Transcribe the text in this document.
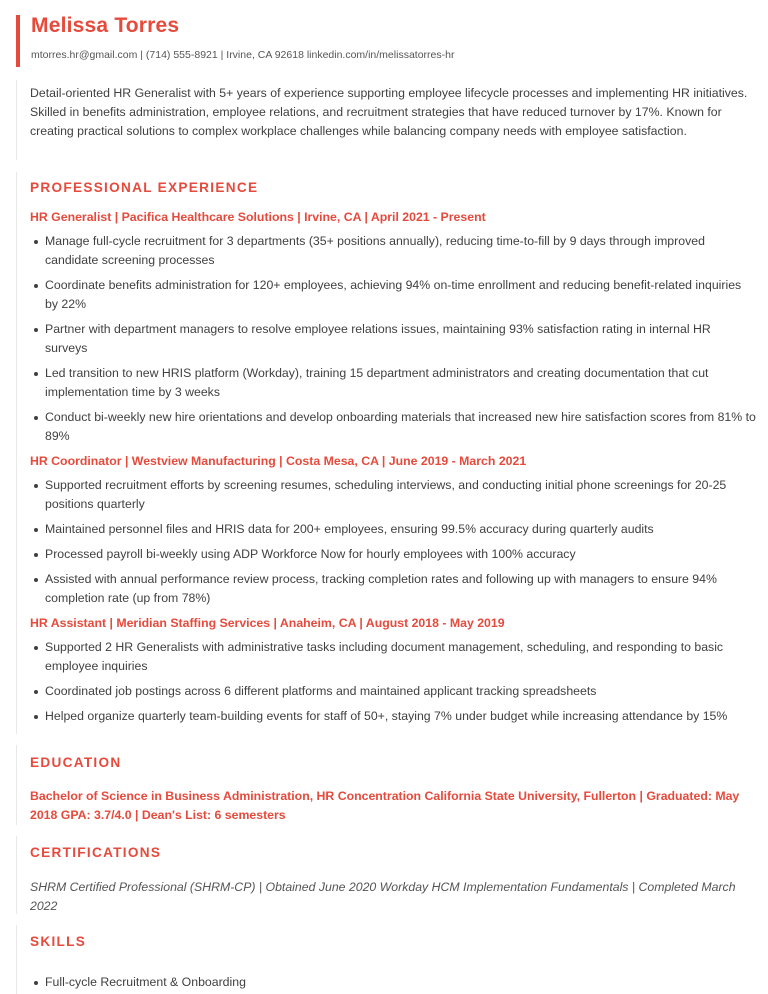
Melissa Torres
mtorres.hr@gmail.com | (714) 555-8921 | Irvine, CA 92618 linkedin.com/in/melissatorres-hr
Detail-oriented HR Generalist with 5+ years of experience supporting employee lifecycle processes and implementing HR initiatives. Skilled in benefits administration, employee relations, and recruitment strategies that have reduced turnover by 17%. Known for creating practical solutions to complex workplace challenges while balancing company needs with employee satisfaction.
PROFESSIONAL EXPERIENCE
HR Generalist | Pacifica Healthcare Solutions | Irvine, CA | April 2021 - Present
Manage full-cycle recruitment for 3 departments (35+ positions annually), reducing time-to-fill by 9 days through improved candidate screening processes
Coordinate benefits administration for 120+ employees, achieving 94% on-time enrollment and reducing benefit-related inquiries by 22%
Partner with department managers to resolve employee relations issues, maintaining 93% satisfaction rating in internal HR surveys
Led transition to new HRIS platform (Workday), training 15 department administrators and creating documentation that cut implementation time by 3 weeks
Conduct bi-weekly new hire orientations and develop onboarding materials that increased new hire satisfaction scores from 81% to 89%
HR Coordinator | Westview Manufacturing | Costa Mesa, CA | June 2019 - March 2021
Supported recruitment efforts by screening resumes, scheduling interviews, and conducting initial phone screenings for 20-25 positions quarterly
Maintained personnel files and HRIS data for 200+ employees, ensuring 99.5% accuracy during quarterly audits
Processed payroll bi-weekly using ADP Workforce Now for hourly employees with 100% accuracy
Assisted with annual performance review process, tracking completion rates and following up with managers to ensure 94% completion rate (up from 78%)
HR Assistant | Meridian Staffing Services | Anaheim, CA | August 2018 - May 2019
Supported 2 HR Generalists with administrative tasks including document management, scheduling, and responding to basic employee inquiries
Coordinated job postings across 6 different platforms and maintained applicant tracking spreadsheets
Helped organize quarterly team-building events for staff of 50+, staying 7% under budget while increasing attendance by 15%
EDUCATION
Bachelor of Science in Business Administration, HR Concentration California State University, Fullerton | Graduated: May 2018 GPA: 3.7/4.0 | Dean's List: 6 semesters
CERTIFICATIONS
SHRM Certified Professional (SHRM-CP) | Obtained June 2020 Workday HCM Implementation Fundamentals | Completed March 2022
SKILLS
Full-cycle Recruitment & Onboarding
